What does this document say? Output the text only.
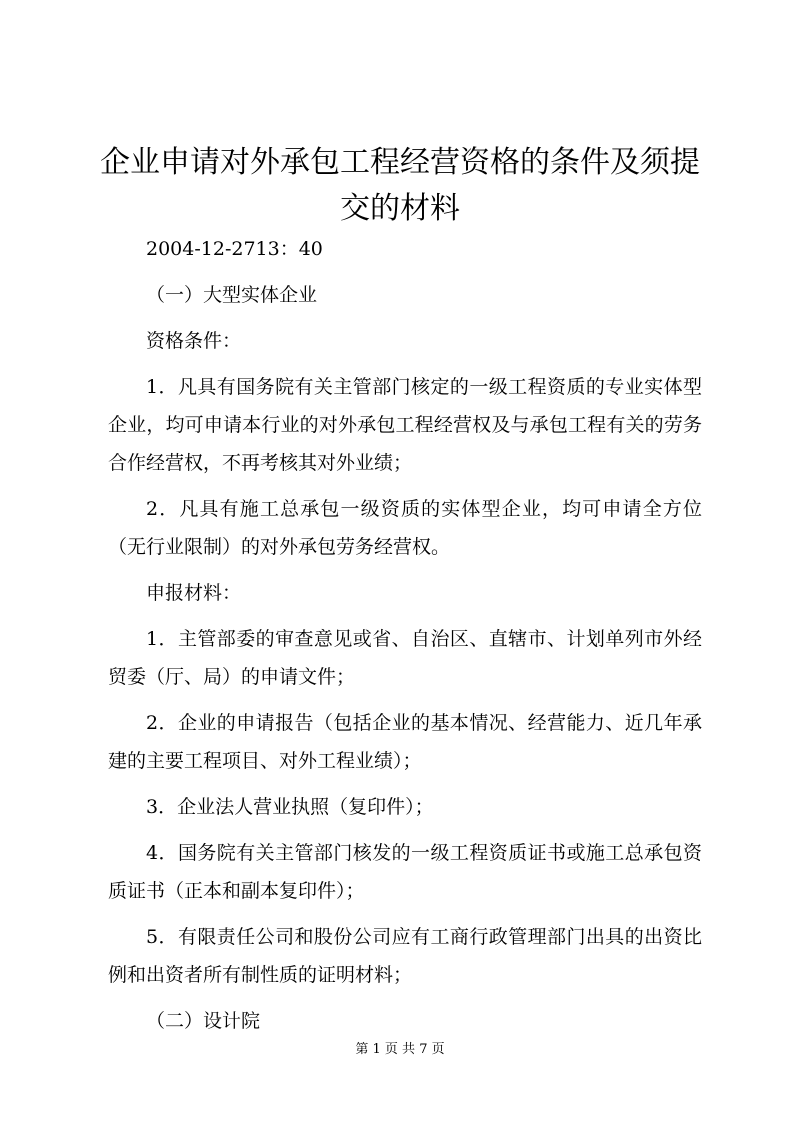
企业申请对外承包工程经营资格的条件及须提交的材料

2004-12-2713：40

（一）大型实体企业

资格条件：

1．凡具有国务院有关主管部门核定的一级工程资质的专业实体型企业，均可申请本行业的对外承包工程经营权及与承包工程有关的劳务合作经营权，不再考核其对外业绩；

2．凡具有施工总承包一级资质的实体型企业，均可申请全方位（无行业限制）的对外承包劳务经营权。

申报材料：

1．主管部委的审查意见或省、自治区、直辖市、计划单列市外经贸委（厅、局）的申请文件；

2．企业的申请报告（包括企业的基本情况、经营能力、近几年承建的主要工程项目、对外工程业绩）；

3．企业法人营业执照（复印件）；

4．国务院有关主管部门核发的一级工程资质证书或施工总承包资质证书（正本和副本复印件）；

5．有限责任公司和股份公司应有工商行政管理部门出具的出资比例和出资者所有制性质的证明材料；

（二）设计院

第 1 页 共 7 页
